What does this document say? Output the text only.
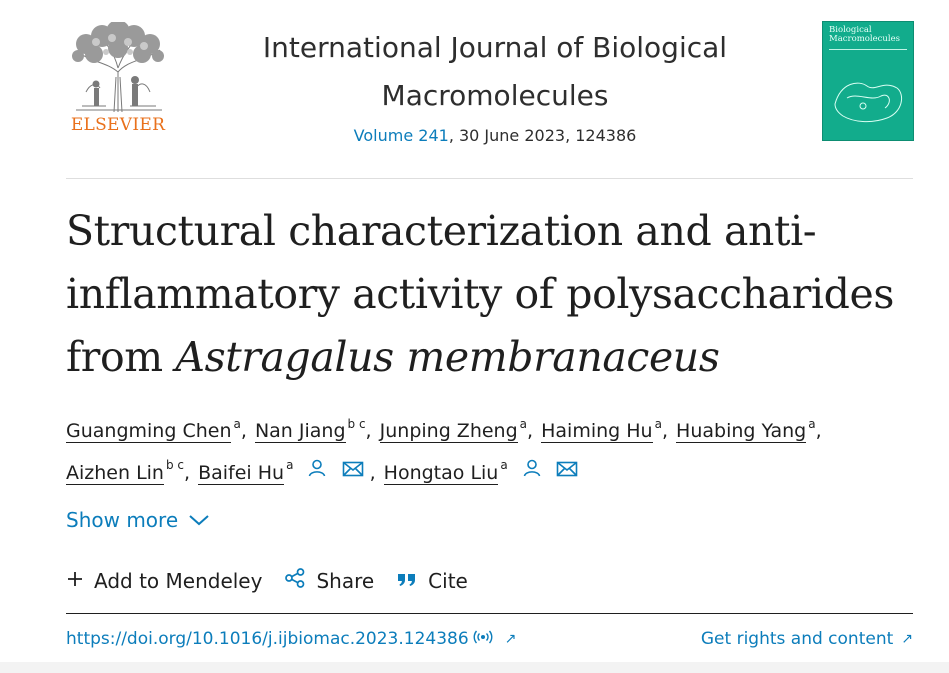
ELSEVIER
International Journal of Biological
Macromolecules
Volume 241, 30 June 2023, 124386
Biological
Macromolecules
Structural characterization and anti-inflammatory activity of polysaccharides from Astragalus membranaceus
Guangming Chen $^a$, Nan Jiang $^{b c}$, Junping Zheng $^a$, Haiming Hu $^a$, Huabing Yang $^a$,
Aizhen Lin $^{b c}$, Baifei Hu $^a$	, Hongtao Liu $^a$
Show more
Add to Mendeley	Share	Cite
https://doi.org/10.1016/j.ijbiomac.2023.124386	↗	Get rights and content ↗
